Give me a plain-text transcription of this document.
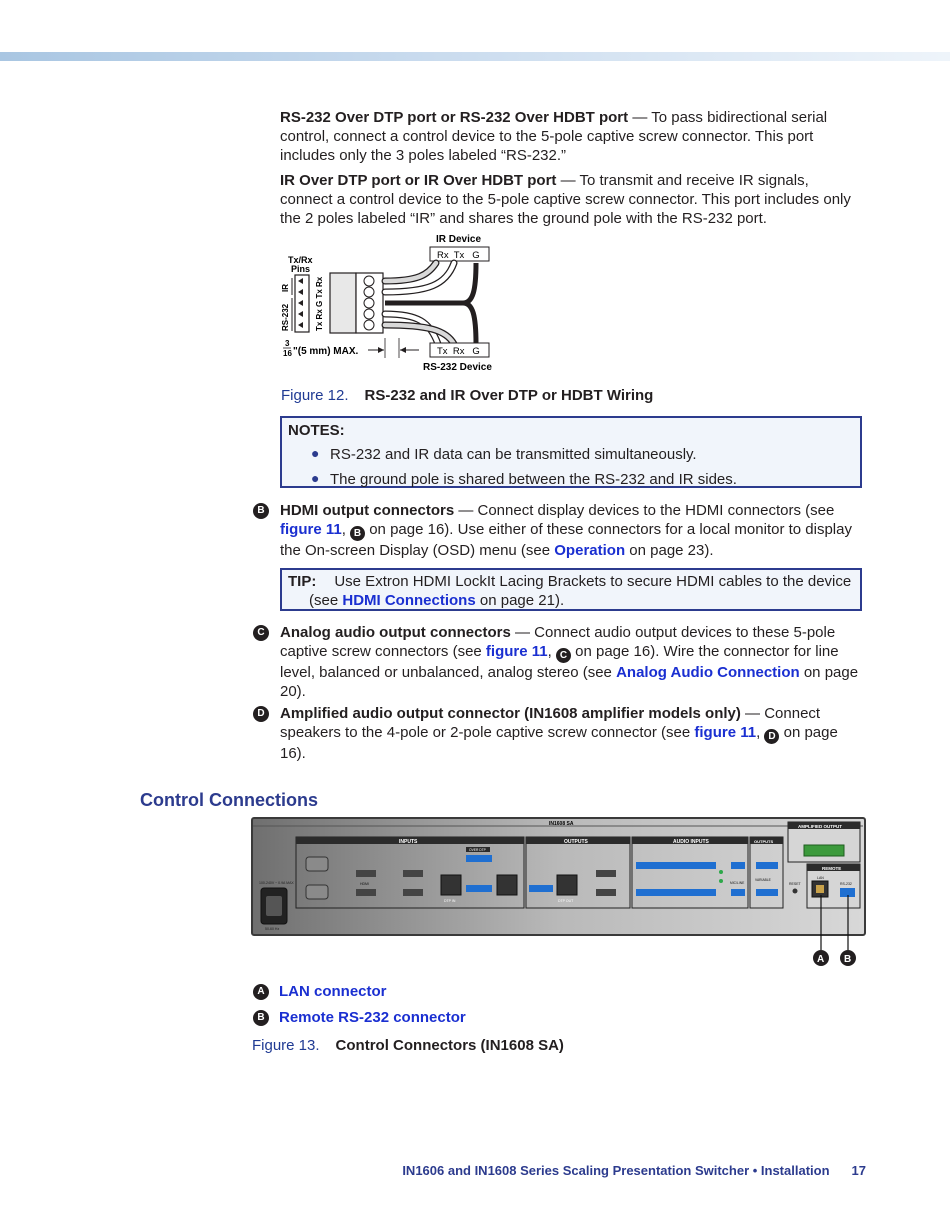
RS-232 Over DTP port or RS-232 Over HDBT port — To pass bidirectional serial control, connect a control device to the 5-pole captive screw connector. This port includes only the 3 poles labeled “RS-232.”

IR Over DTP port or IR Over HDBT port — To transmit and receive IR signals, connect a control device to the 5-pole captive screw connector. This port includes only the 2 poles labeled “IR” and shares the ground pole with the RS-232 port.

IR Device
Rx  Tx   G
Tx/Rx
Pins
IR
RS-232	Tx Rx G Tx Rx
3
16 "(5 mm) MAX.	Tx  Rx   G
RS-232 Device
Figure 12. RS-232 and IR Over DTP or HDBT Wiring
NOTES:
● RS-232 and IR data can be transmitted simultaneously.
● The ground pole is shared between the RS-232 and IR sides.
B HDMI output connectors — Connect display devices to the HDMI connectors (see figure 11, B on page 16). Use either of these connectors for a local monitor to display the On-screen Display (OSD) menu (see Operation on page 23).

TIP: Use Extron HDMI LockIt Lacing Brackets to secure HDMI cables to the device
(see HDMI Connections on page 21).
C Analog audio output connectors — Connect audio output devices to these 5-pole captive screw connectors (see figure 11, C on page 16). Wire the connector for line level, balanced or unbalanced, analog stereo (see Analog Audio Connection on page 20).

D Amplified audio output connector (IN1608 amplifier models only) — Connect speakers to the 4-pole or 2-pole captive screw connector (see figure 11, D on page 16).

Control Connections
IN1608 SA
100-240V ~ 0.9A MAX
50-60 Hz
INPUTS
HDMI
DTP IN
OVER DTP
OUTPUTS
DTP OUT
AUDIO INPUTS
MIC/LINE
OUTPUTS
VARIABLE
AMPLIFIED OUTPUT
REMOTE
LAN
RS-232
RESET
A B
A LAN connector
B Remote RS-232 connector
Figure 13. Control Connectors (IN1608 SA)
IN1606 and IN1608 Series Scaling Presentation Switcher • Installation 17
